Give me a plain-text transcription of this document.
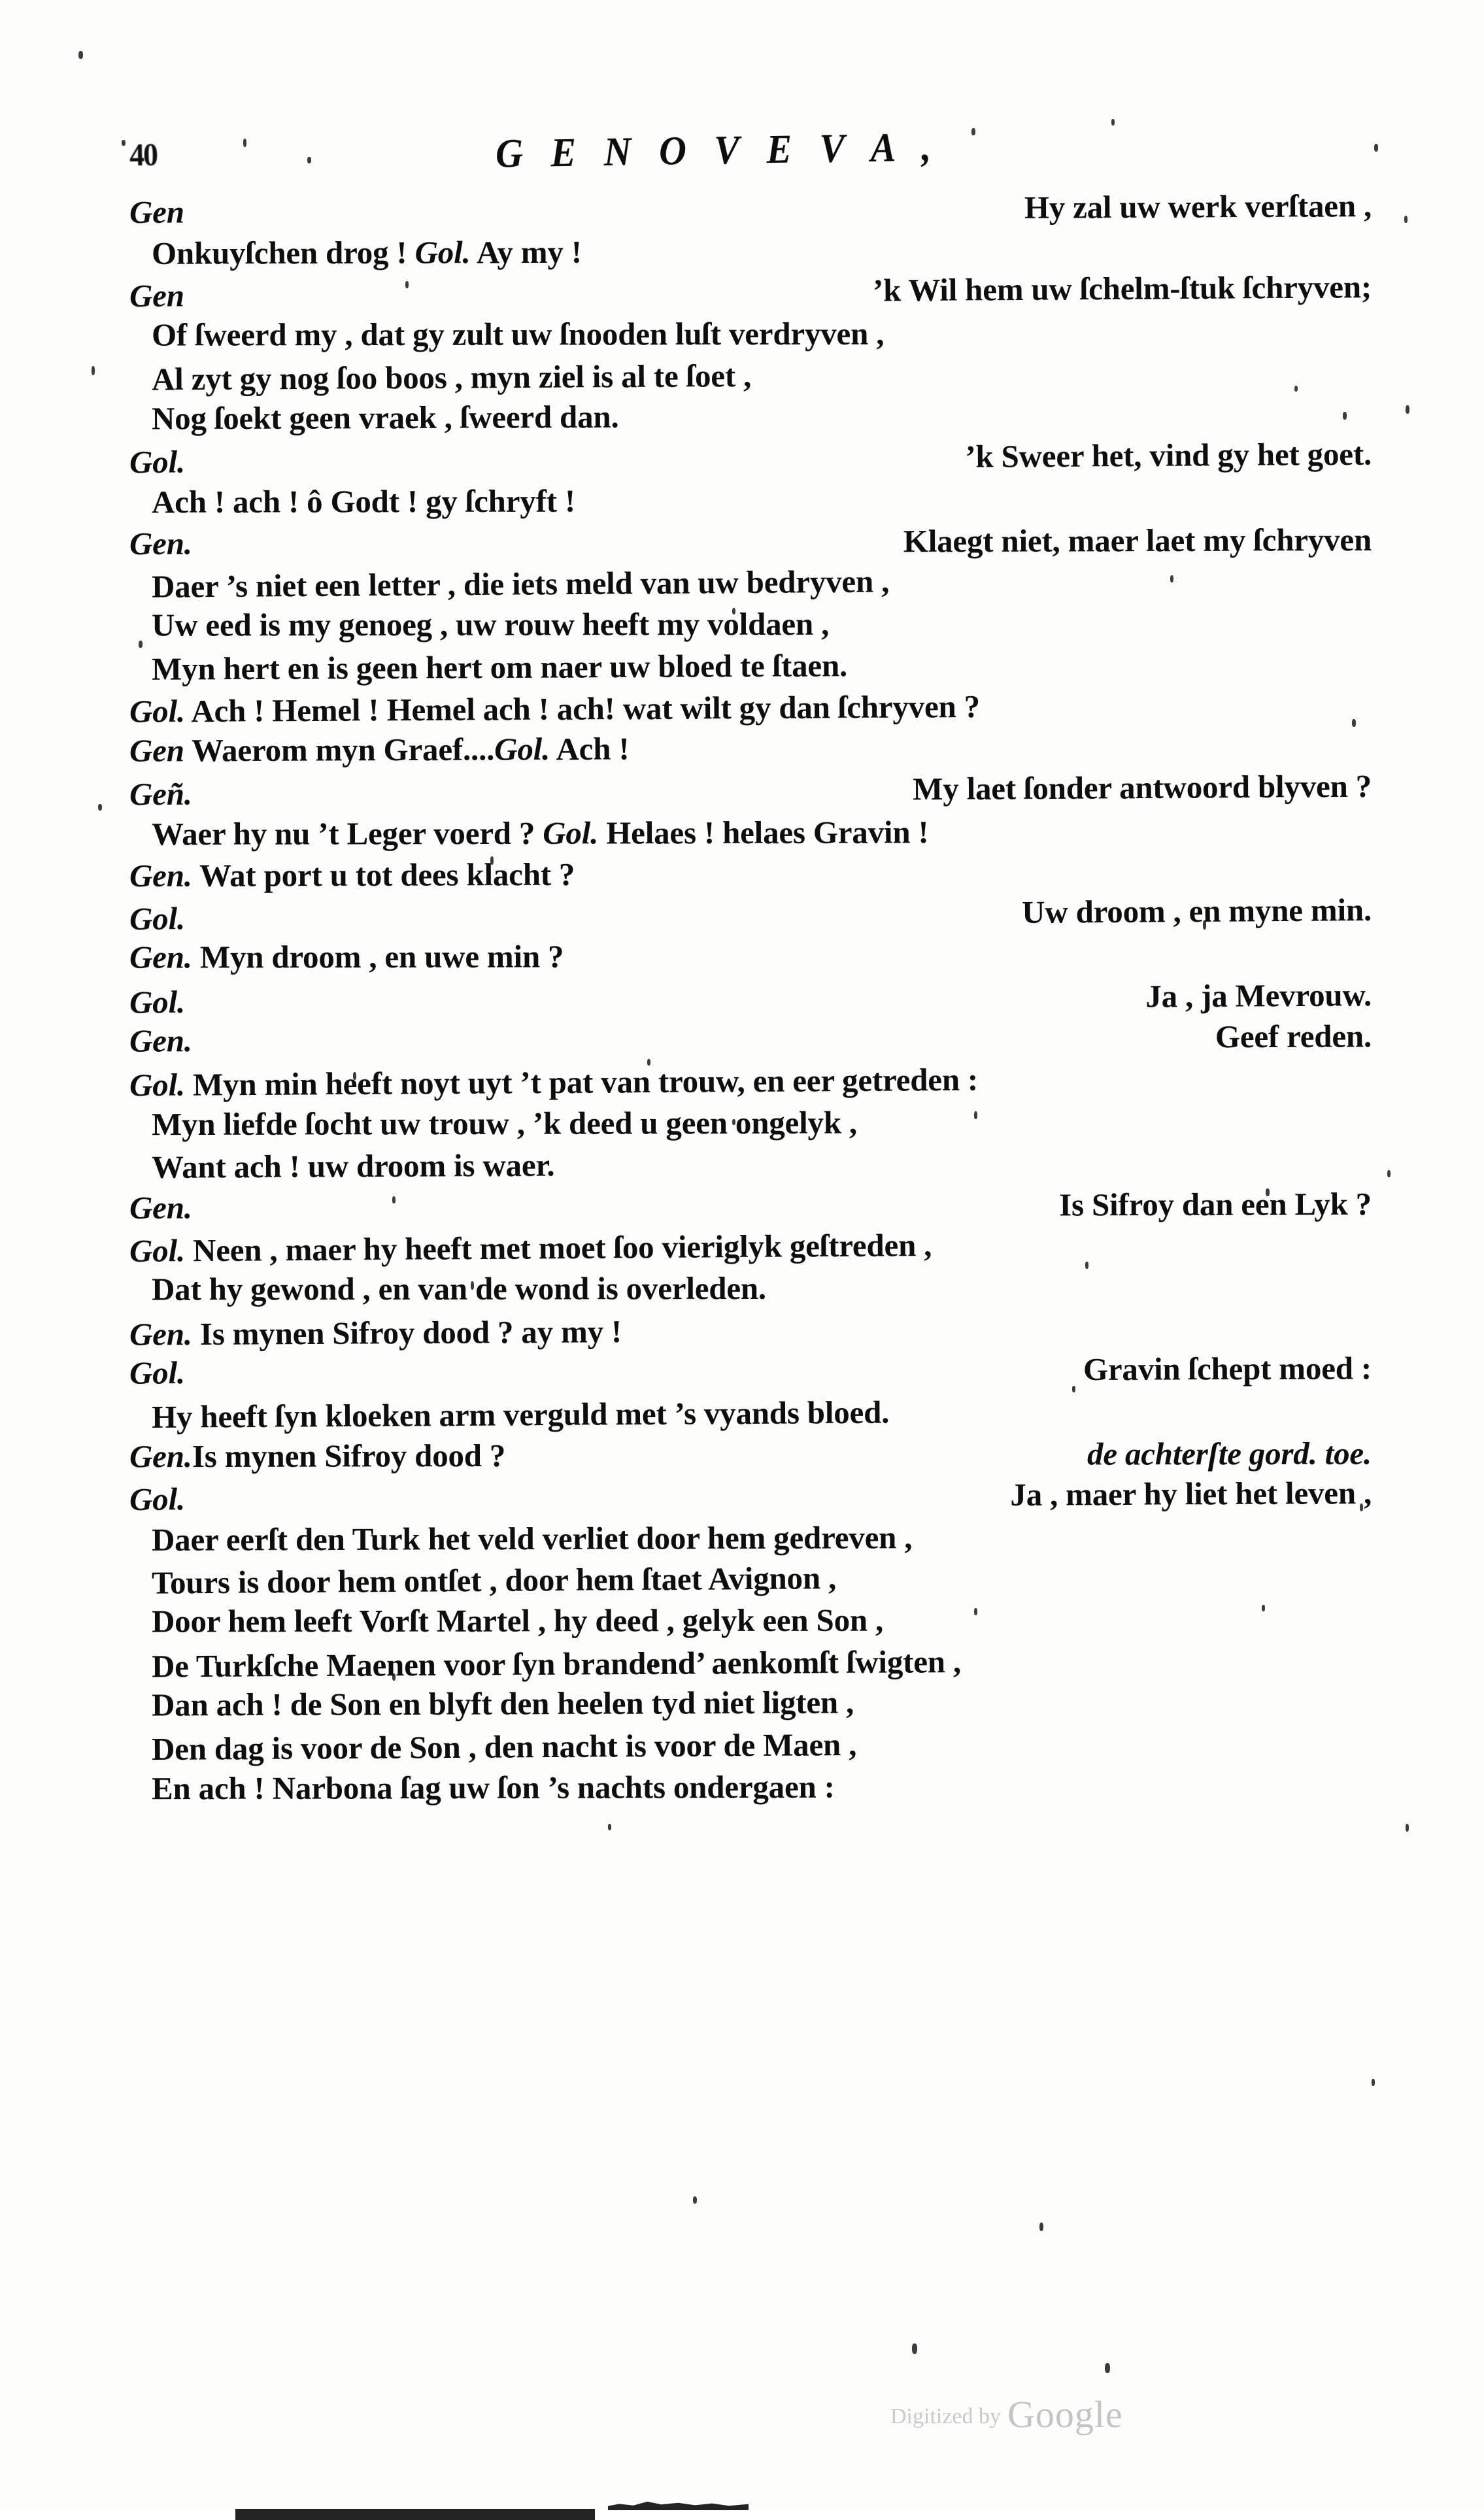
40	G E N O V E V A ,
Gen	Hy zal uw werk verſtaen ,
Onkuyſchen drog ! Gol. Ay my !
Gen	’k Wil hem uw ſchelm-ſtuk ſchryven;
Of ſweerd my , dat gy zult uw ſnooden luſt verdryven ,
Al zyt gy nog ſoo boos , myn ziel is al te ſoet ,
Nog ſoekt geen vraek , ſweerd dan.
Gol.	’k Sweer het, vind gy het goet.
Ach ! ach ! ô Godt ! gy ſchryft !
Gen.	Klaegt niet, maer laet my ſchryven
Daer ’s niet een letter , die iets meld van uw bedryven ,
Uw eed is my genoeg , uw rouw heeft my voldaen ,
Myn hert en is geen hert om naer uw bloed te ſtaen.
Gol. Ach ! Hemel ! Hemel ach ! ach! wat wilt gy dan ſchryven ?
Gen Waerom myn Graef....Gol. Ach !
Geñ.	My laet ſonder antwoord blyven ?
Waer hy nu ’t Leger voerd ? Gol. Helaes ! helaes Gravin !
Gen. Wat port u tot dees klacht ?
Gol.	Uw droom , en myne min.
Gen. Myn droom , en uwe min ?
Gol.	Ja , ja Mevrouw.
Gen.	Geef reden.
Gol. Myn min heeft noyt uyt ’t pat van trouw, en eer getreden :
Myn liefde ſocht uw trouw , ’k deed u geen ongelyk ,
Want ach ! uw droom is waer.
Gen.	Is Sifroy dan een Lyk ?
Gol. Neen , maer hy heeft met moet ſoo vieriglyk geſtreden ,
Dat hy gewond , en van de wond is overleden.
Gen. Is mynen Sifroy dood ? ay my !
Gol.	Gravin ſchept moed :
Hy heeft ſyn kloeken arm verguld met ’s vyands bloed.
Gen. Is mynen Sifroy dood ?	de achterſte gord. toe.
Gol.	Ja , maer hy liet het leven ,
Daer eerſt den Turk het veld verliet door hem gedreven ,
Tours is door hem ontſet , door hem ſtaet Avignon ,
Door hem leeft Vorſt Martel , hy deed , gelyk een Son ,
De Turkſche Maenen voor ſyn brandend’ aenkomſt ſwigten ,
Dan ach ! de Son en blyft den heelen tyd niet ligten ,
Den dag is voor de Son , den nacht is voor de Maen ,
En ach ! Narbona ſag uw ſon ’s nachts ondergaen :
Digitized by Google
